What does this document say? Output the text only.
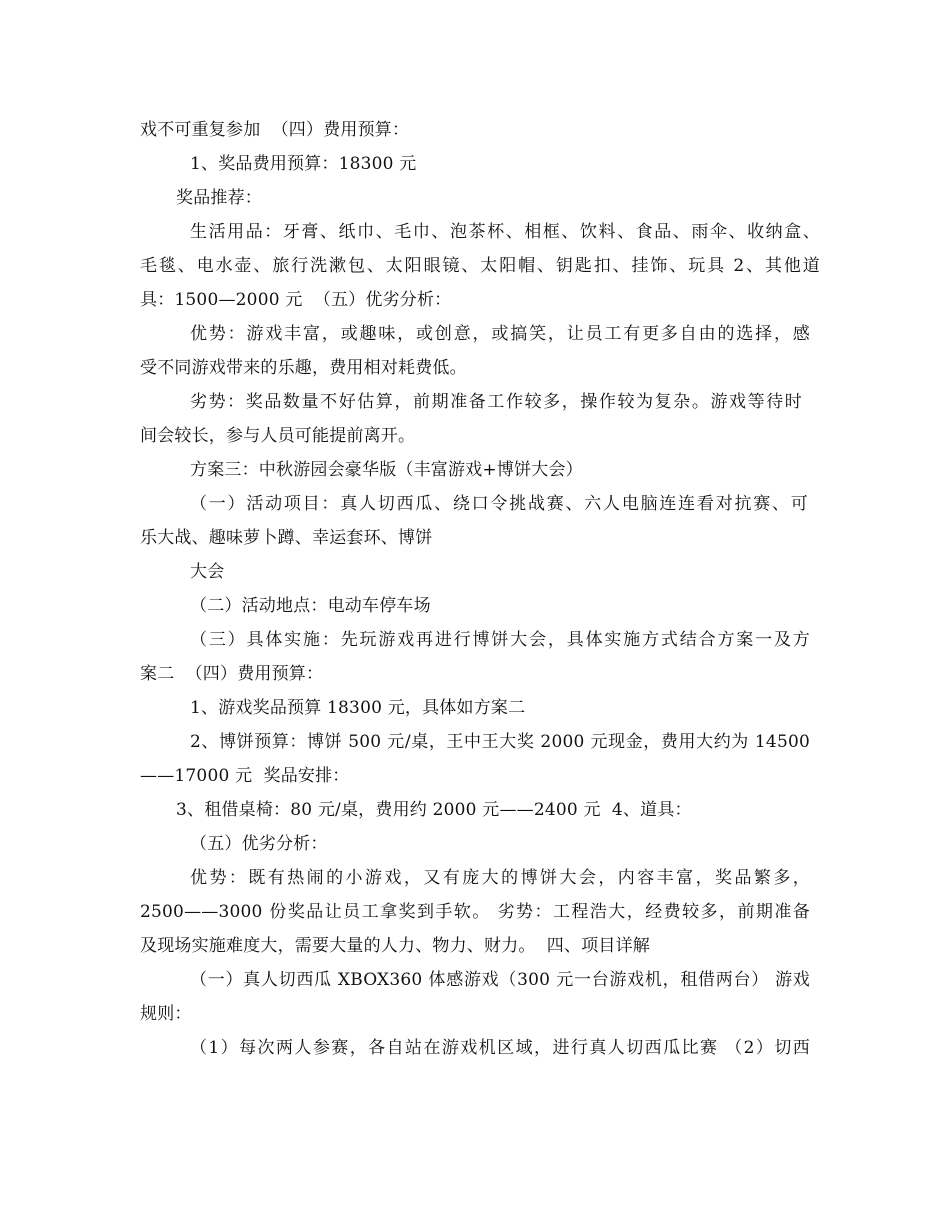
戏不可重复参加  （四）费用预算：
1、奖品费用预算：18300 元
奖品推荐：
生活用品：牙膏、纸巾、毛巾、泡茶杯、相框、饮料、食品、雨伞、收纳盒、
毛毯、电水壶、旅行洗漱包、太阳眼镜、太阳帽、钥匙扣、挂饰、玩具 2、其他道
具：1500—2000 元  （五）优劣分析：
优势：游戏丰富，或趣味，或创意，或搞笑，让员工有更多自由的选择，感
受不同游戏带来的乐趣，费用相对耗费低。
劣势：奖品数量不好估算，前期准备工作较多，操作较为复杂。游戏等待时
间会较长，参与人员可能提前离开。
方案三：中秋游园会豪华版（丰富游戏+博饼大会）
（一）活动项目：真人切西瓜、绕口令挑战赛、六人电脑连连看对抗赛、可
乐大战、趣味萝卜蹲、幸运套环、博饼
大会
（二）活动地点：电动车停车场
（三）具体实施：先玩游戏再进行博饼大会，具体实施方式结合方案一及方
案二  （四）费用预算：
1、游戏奖品预算 18300 元，具体如方案二
2、博饼预算：博饼 500 元/桌，王中王大奖 2000 元现金，费用大约为 14500
——17000 元  奖品安排：
3、租借桌椅：80 元/桌，费用约 2000 元——2400 元  4、道具：
（五）优劣分析：
优势：既有热闹的小游戏，又有庞大的博饼大会，内容丰富，奖品繁多，
2500——3000 份奖品让员工拿奖到手软。 劣势：工程浩大，经费较多，前期准备
及现场实施难度大，需要大量的人力、物力、财力。  四、项目详解
（一）真人切西瓜 XBOX360 体感游戏（300 元一台游戏机，租借两台） 游戏
规则：
（1）每次两人参赛，各自站在游戏机区域，进行真人切西瓜比赛 （2）切西
